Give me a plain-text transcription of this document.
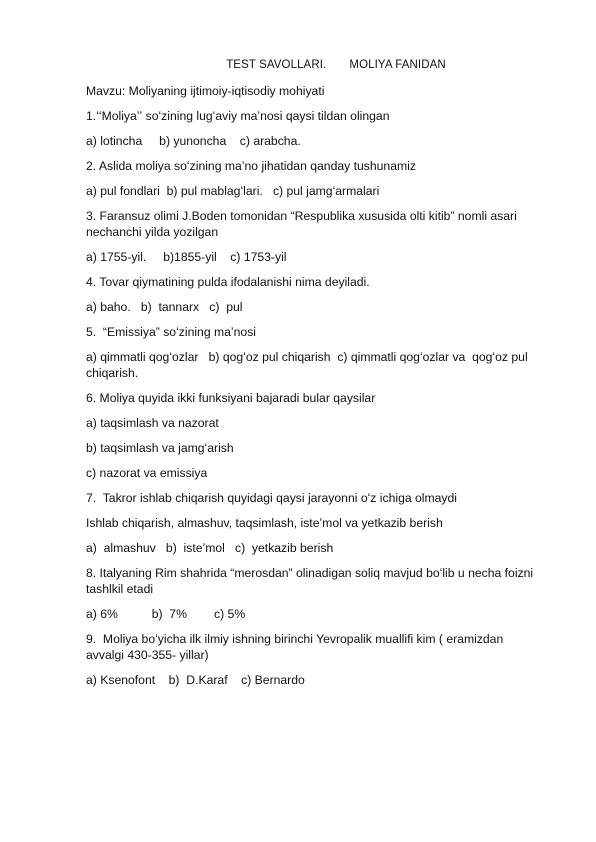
TEST SAVOLLARI.       MOLIYA FANIDAN
Mavzu: Moliyaning ijtimoiy-iqtisodiy mohiyati
1.ʻʻMoliyaʼʼ soʻzining lugʻaviy maʼnosi qaysi tildan olingan
a) lotincha     b) yunoncha    c) arabcha.
2. Aslida moliya soʻzining maʼno jihatidan qanday tushunamiz
a) pul fondlari  b) pul mablagʻlari.   c) pul jamgʻarmalari
3. Faransuz olimi J.Boden tomonidan “Respublika xususida olti kitib” nomli asari nechanchi yilda yozilgan
a) 1755-yil.     b)1855-yil    c) 1753-yil
4. Tovar qiymatining pulda ifodalanishi nima deyiladi.
a) baho.   b)  tannarx   c)  pul
5.  “Emissiya” soʻzining maʼnosi
a) qimmatli qogʻozlar   b) qogʻoz pul chiqarish  c) qimmatli qogʻozlar va  qogʻoz pul chiqarish.
6. Moliya quyida ikki funksiyani bajaradi bular qaysilar
a) taqsimlash va nazorat
b) taqsimlash va jamgʻarish
c) nazorat va emissiya
7.  Takror ishlab chiqarish quyidagi qaysi jarayonni oʻz ichiga olmaydi
Ishlab chiqarish, almashuv, taqsimlash, isteʼmol va yetkazib berish
a)  almashuv   b)  isteʼmol   c)  yetkazib berish
8. Italyaning Rim shahrida “merosdan” olinadigan soliq mavjud boʻlib u necha foizni tashlkil etadi
a) 6%          b)  7%        c) 5%
9.  Moliya boʻyicha ilk ilmiy ishning birinchi Yevropalik muallifi kim ( eramizdan avvalgi 430-355- yillar)
a) Ksenofont    b)  D.Karaf    c) Bernardo
